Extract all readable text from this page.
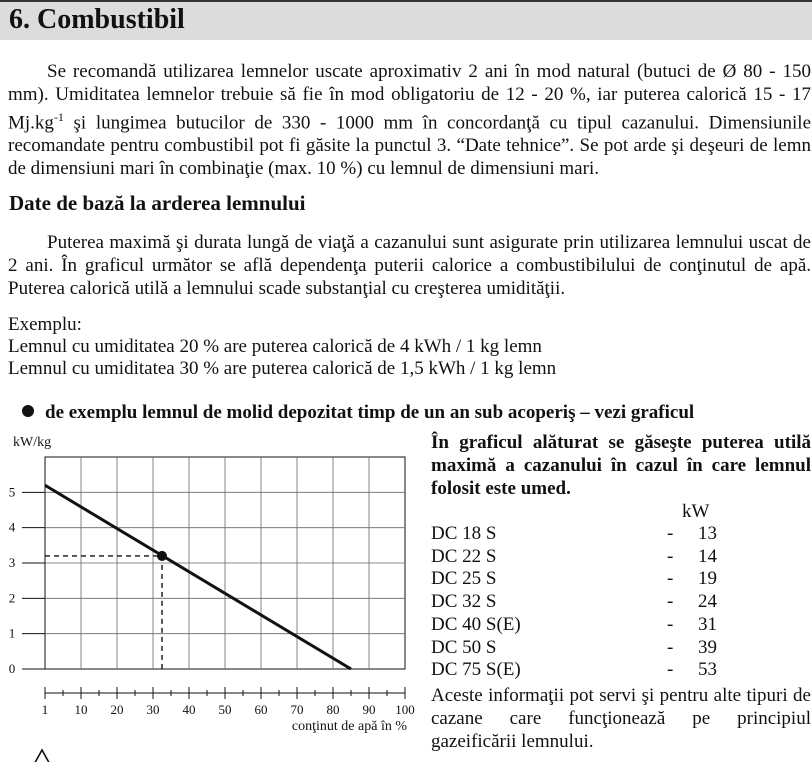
6. Combustibil
Se recomandă utilizarea lemnelor uscate aproximativ 2 ani în mod natural (butuci de Ø 80 - 150 mm). Umiditatea lemnelor trebuie să fie în mod obligatoriu de 12 - 20 %, iar puterea calorică 15 - 17 $Mj.kg^{-1}$ şi lungimea butucilor de 330 - 1000 mm în concordanţă cu tipul cazanului. Dimensiunile recomandate pentru combustibil pot fi găsite la punctul 3. “Date tehnice”. Se pot arde şi deşeuri de lemn de dimensiuni mari în combinaţie (max. 10 %) cu lemnul de dimensiuni mari.
Date de bază la arderea lemnului
Puterea maximă şi durata lungă de viaţă a cazanului sunt asigurate prin utilizarea lemnului uscat de 2 ani. În graficul următor se află dependenţa puterii calorice a combustibilului de conţinutul de apă. Puterea calorică utilă a lemnului scade substanţial cu creşterea umidităţii.
Exemplu:
Lemnul cu umiditatea 20 % are puterea calorică de 4 kWh / 1 kg lemn
Lemnul cu umiditatea 30 % are puterea calorică de 1,5 kWh / 1 kg lemn
de exemplu lemnul de molid depozitat timp de un an sub acoperiş – vezi graficul
kW/kg
0
1
2
3
4
5
1 10 20 30 40 50 60 70 80 90 100
conţinut de apă în %
În graficul alăturat se găseşte puterea utilă maximă a cazanului în cazul în care lemnul folosit este umed.
kW
DC 18 S	- 13
DC 22 S	- 14
DC 25 S	- 19
DC 32 S	- 24
DC 40 S(E)	- 31
DC 50 S	- 39
DC 75 S(E)	- 53
Aceste informaţii pot servi şi pentru alte tipuri de cazane care funcţionează pe principiul gazeificării lemnului.
